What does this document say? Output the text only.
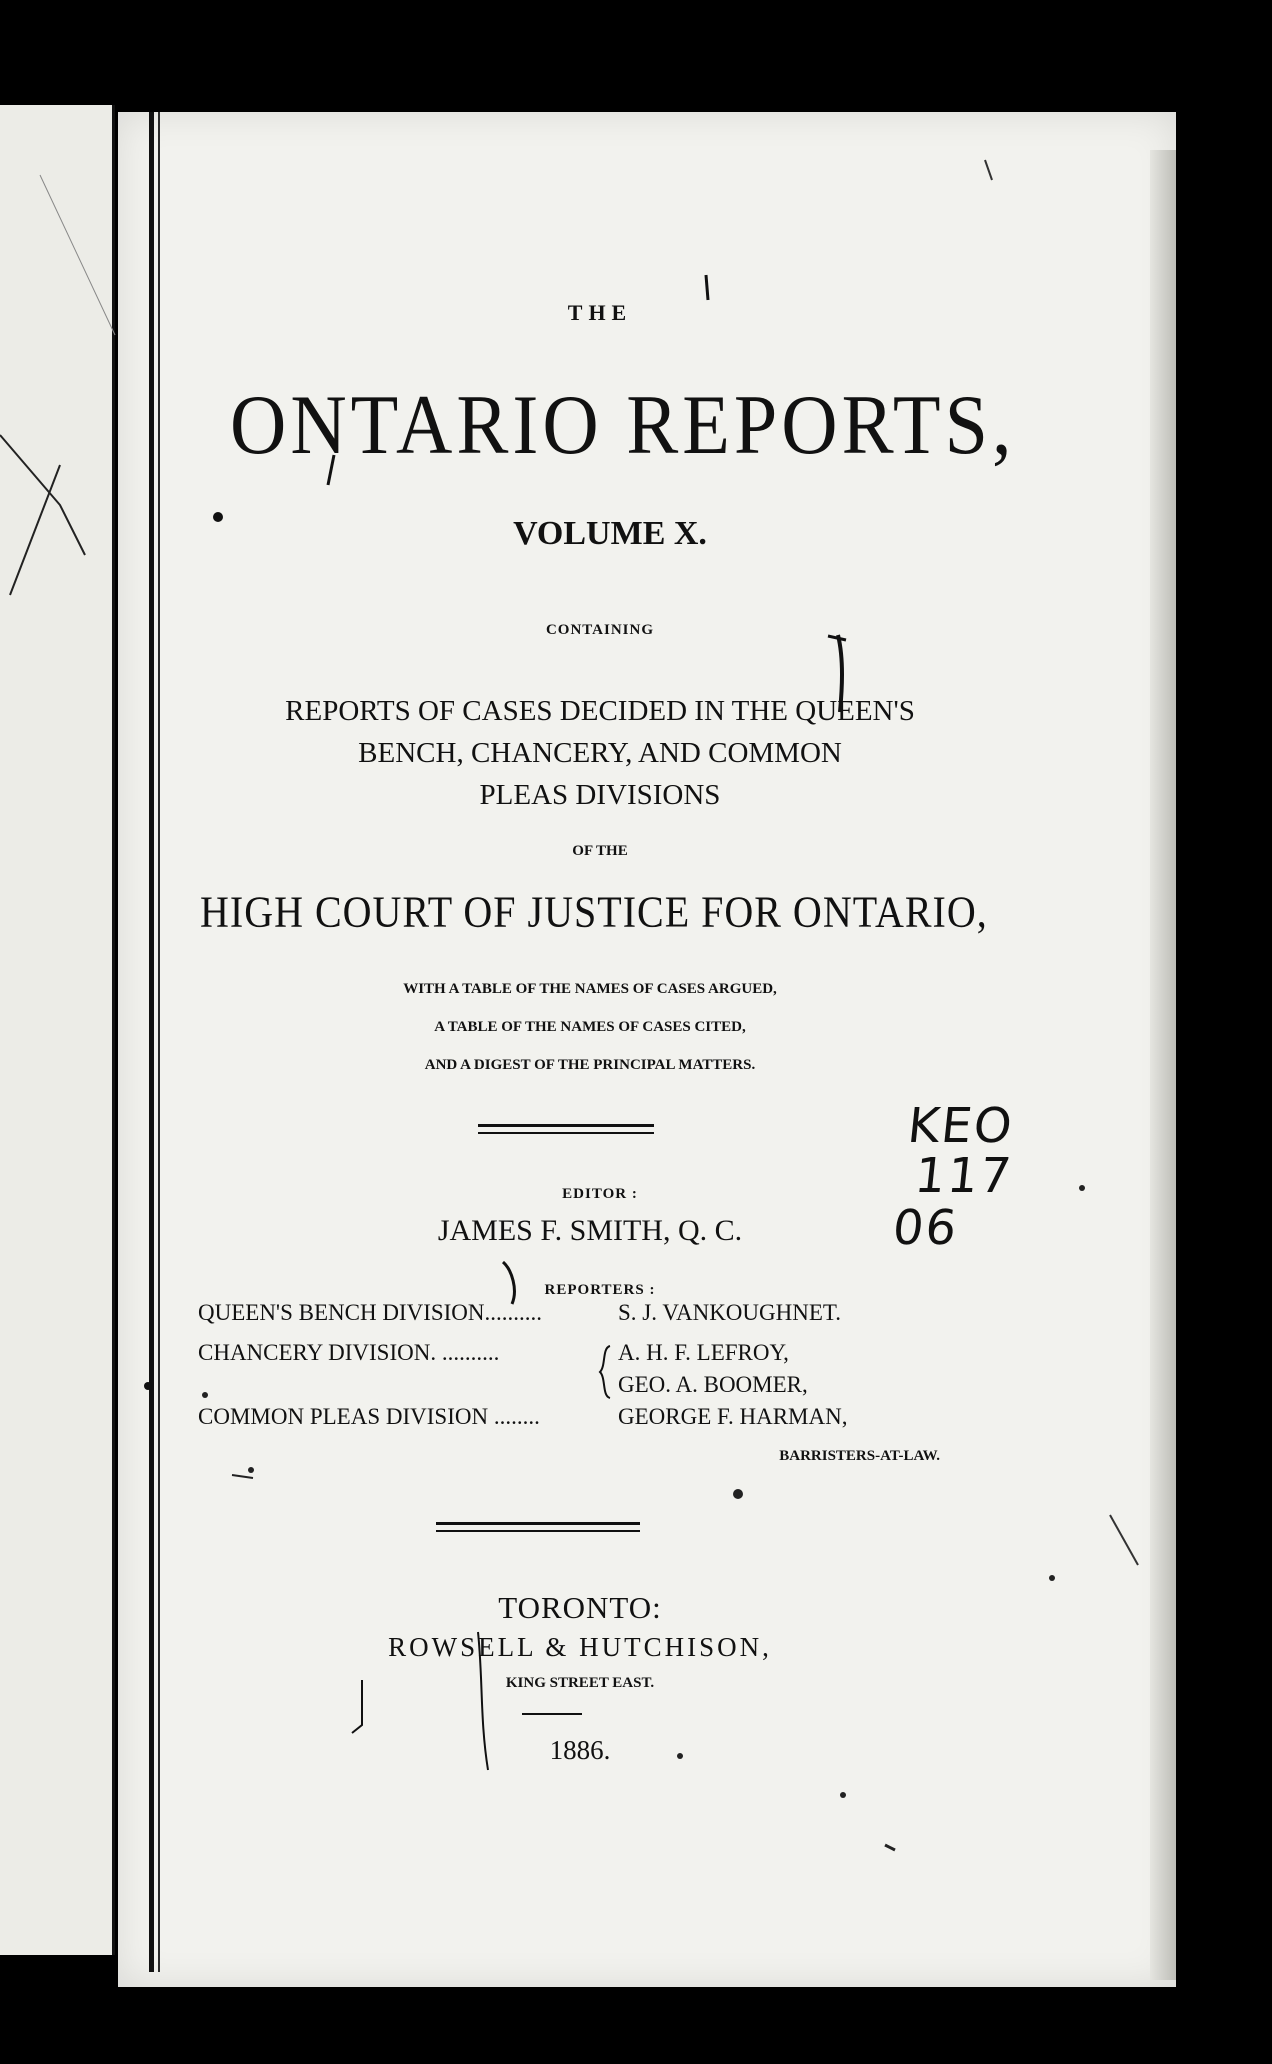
THE

ONTARIO REPORTS,

VOLUME X.

CONTAINING

REPORTS OF CASES DECIDED IN THE QUEEN'S
BENCH, CHANCERY, AND COMMON
PLEAS DIVISIONS

OF THE

HIGH COURT OF JUSTICE FOR ONTARIO,

WITH A TABLE OF THE NAMES OF CASES ARGUED,
A TABLE OF THE NAMES OF CASES CITED,
AND A DIGEST OF THE PRINCIPAL MATTERS.

EDITOR :

JAMES F. SMITH, Q. C.

REPORTERS :

QUEEN'S BENCH DIVISION..........	S. J. VANKOUGHNET.
CHANCERY DIVISION. ..........	A. H. F. LEFROY,
GEO. A. BOOMER,
COMMON PLEAS DIVISION ........	GEORGE F. HARMAN,

BARRISTERS-AT-LAW.

TORONTO:

ROWSELL & HUTCHISON,

KING STREET EAST.

1886.

KEO
117
06
